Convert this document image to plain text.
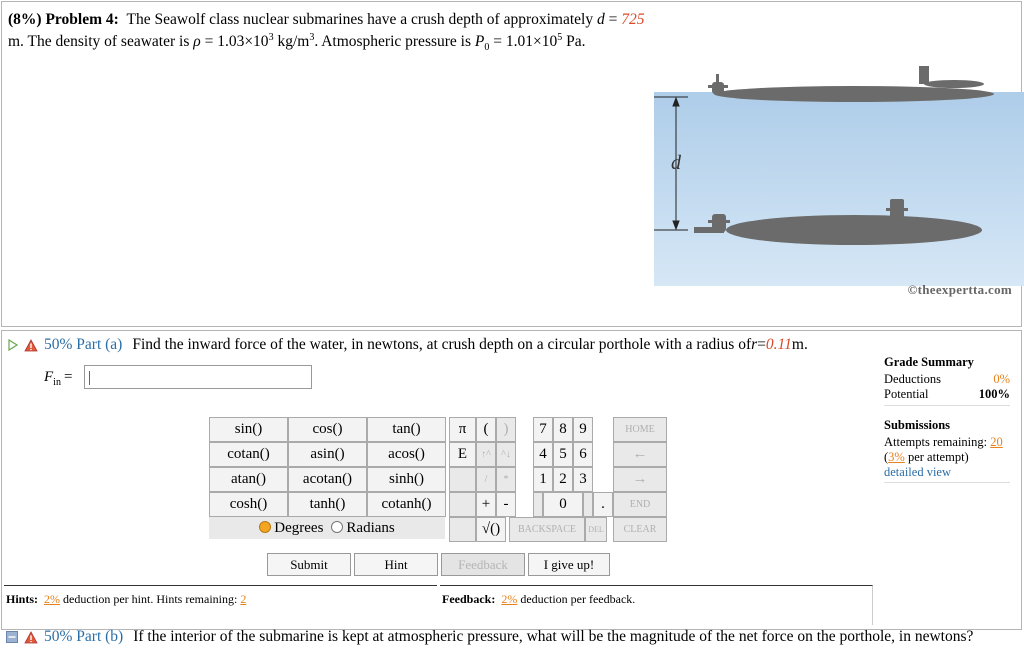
(8%) Problem 4: The Seawolf class nuclear submarines have a crush depth of approximately d = 725 m. The density of seawater is $\rho = 1.03\times 10^3$ $kg/m^3$. Atmospheric pressure is $P_0 = 1.01\times 10^5$ Pa.
d
©theexpertta.com
50% Part (a) Find the inward force of the water, in newtons, at crush depth on a circular porthole with a radius of r = 0.11 m.
$F_{in}$ =
sin()	cos()	tan()
cotan()	asin()	acos()
atan()	acotan()	sinh()
cosh()	tanh()	cotanh()
Degrees	Radians
π	(	)
E	↑^	^↓
/	*
+ -
√()
7 8 9
4 5 6
1 2 3
0	.
BACKSPACE	DEL
HOME
←
→
END
CLEAR
Submit	Hint	Feedback	I give up!
Hints: 2% deduction per hint. Hints remaining: 2	Feedback: 2% deduction per feedback.
Grade Summary
Deductions	0%
Potential	100%
Submissions
Attempts remaining: 20
(3% per attempt)
detailed view
50% Part (b) If the interior of the submarine is kept at atmospheric pressure, what will be the magnitude of the net force on the porthole, in newtons?
